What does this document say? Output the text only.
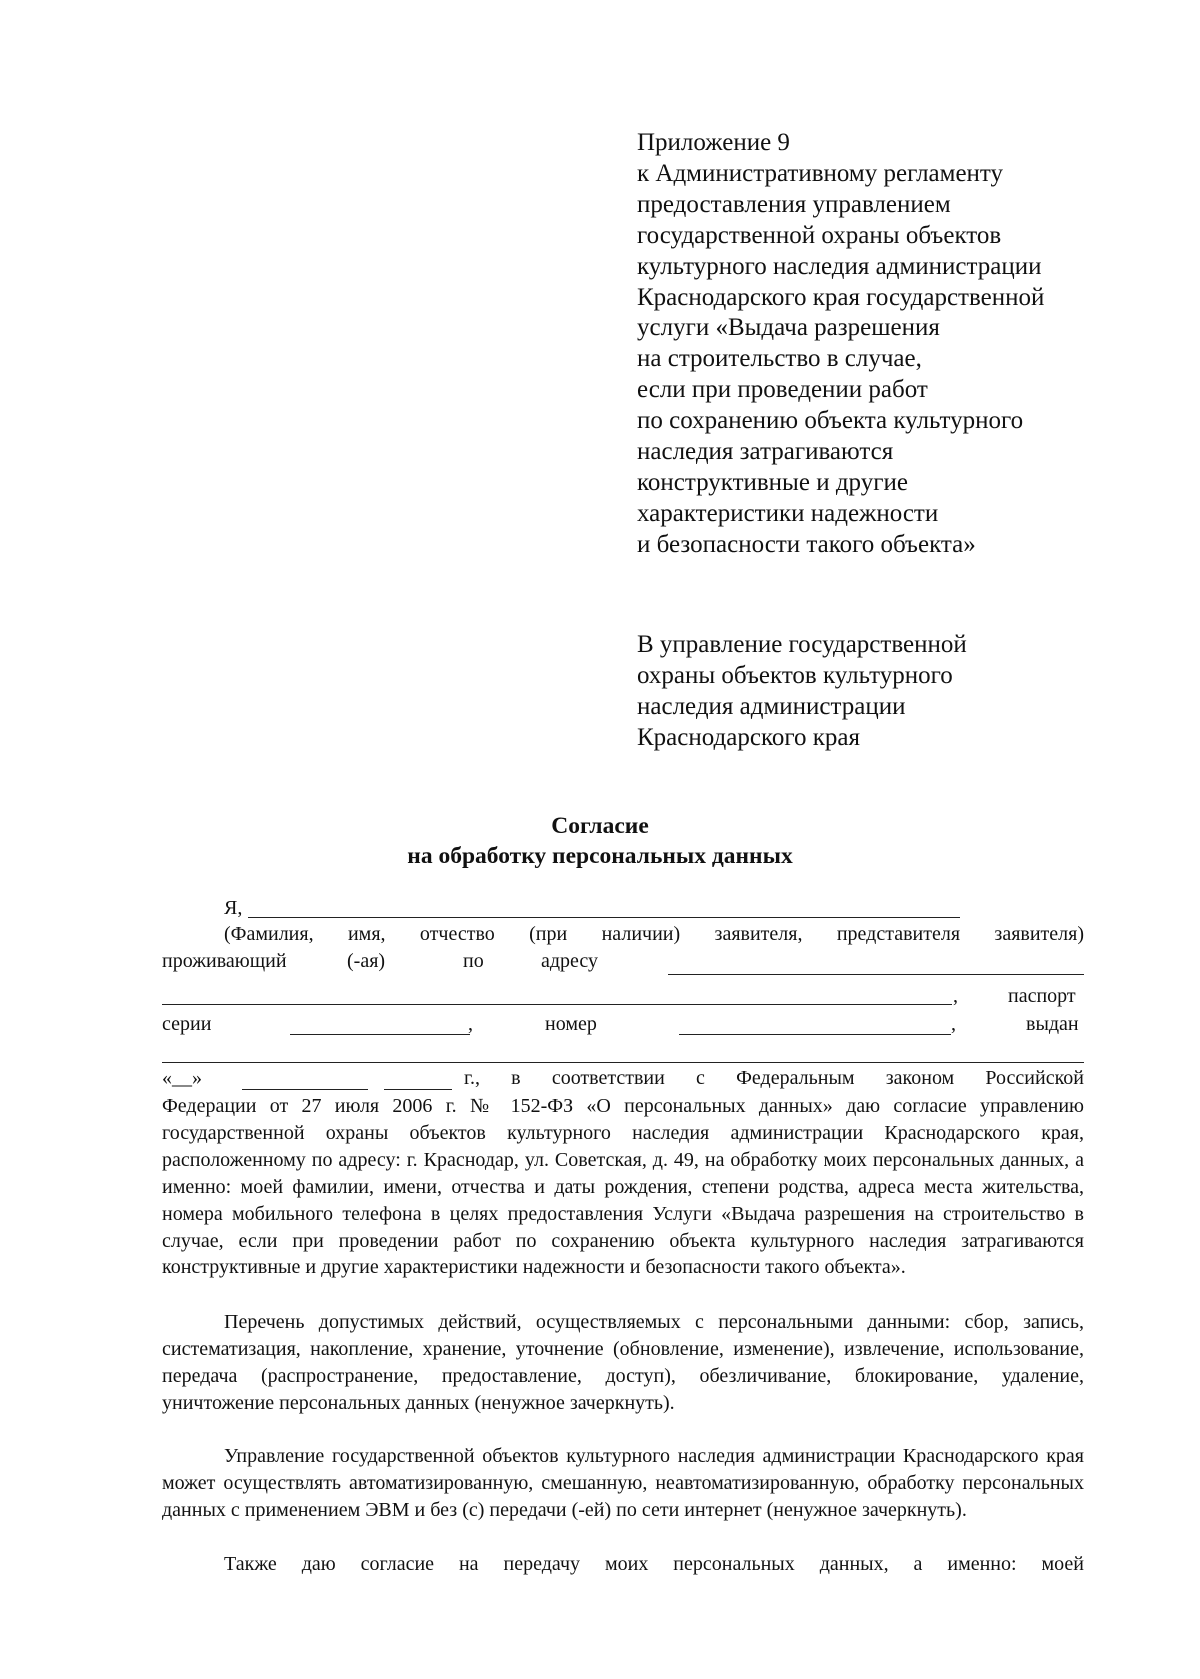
Приложение 9
к Административному регламенту
предоставления управлением
государственной охраны объектов
культурного наследия администрации
Краснодарского края государственной
услуги «Выдача разрешения
на строительство в случае,
если при проведении работ
по сохранению объекта культурного
наследия затрагиваются
конструктивные и другие
характеристики надежности
и безопасности такого объекта»
В управление государственной
охраны объектов культурного
наследия администрации
Краснодарского края
Согласие
на обработку персональных данных
Я,
(Фамилия, имя, отчество (при наличии) заявителя, представителя заявителя)
проживающий	(-ая)	по	адресу
,	паспорт
серии	,	номер	,	выдан
«__»	г., в соответствии с Федеральным законом Российской
Федерации от 27 июля 2006 г. № 152-ФЗ «О персональных данных» даю согласие управлению государственной охраны объектов культурного наследия администрации Краснодарского края, расположенному по адресу: г. Краснодар, ул. Советская, д. 49, на обработку моих персональных данных, а именно: моей фамилии, имени, отчества и даты рождения, степени родства, адреса места жительства, номера мобильного телефона в целях предоставления Услуги «Выдача разрешения на строительство в случае, если при проведении работ по сохранению объекта культурного наследия затрагиваются конструктивные и другие характеристики надежности и безопасности такого объекта».
Перечень допустимых действий, осуществляемых с персональными данными: сбор, запись, систематизация, накопление, хранение, уточнение (обновление, изменение), извлечение, использование, передача (распространение, предоставление, доступ), обезличивание, блокирование, удаление, уничтожение персональных данных (ненужное зачеркнуть).
Управление государственной объектов культурного наследия администрации Краснодарского края может осуществлять автоматизированную, смешанную, неавтоматизированную, обработку персональных данных с применением ЭВМ и без (с) передачи (-ей) по сети интернет (ненужное зачеркнуть).
Также даю согласие на передачу моих персональных данных, а именно: моей
